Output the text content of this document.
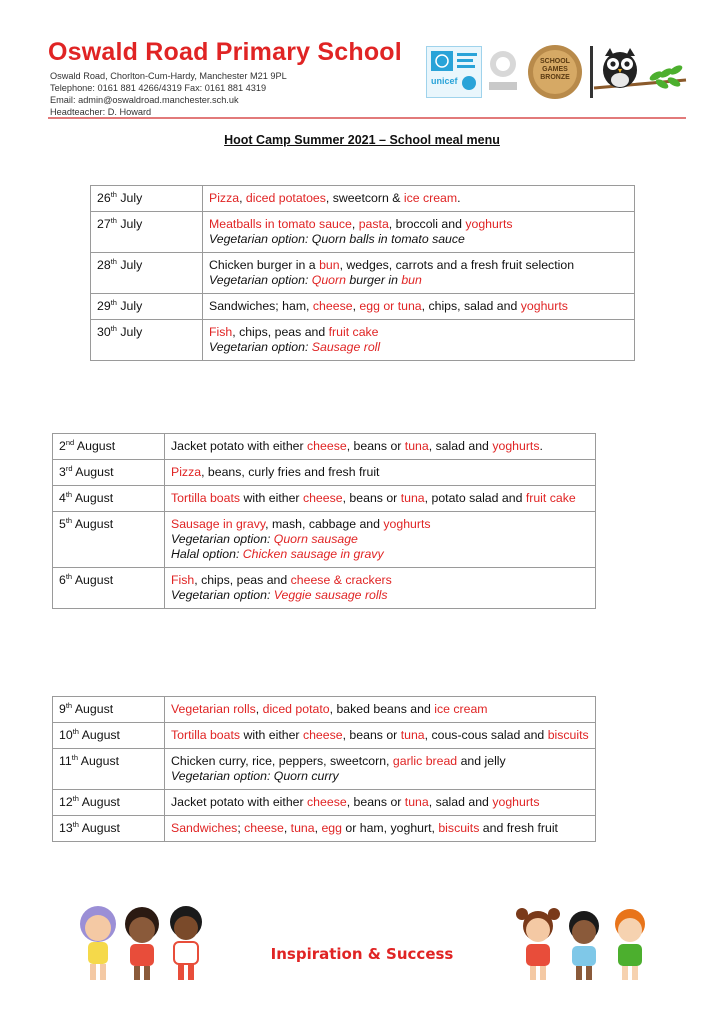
Oswald Road Primary School
Oswald Road, Chorlton-Cum-Hardy, Manchester M21 9PL
Telephone: 0161 881 4266/4319 Fax: 0161 881 4319
Email: admin@oswaldroad.manchester.sch.uk
Headteacher: D. Howard
unicef
SCHOOL
GAMES
BRONZE
Hoot Camp Summer 2021 – School meal menu
26th July	Pizza, diced potatoes, sweetcorn & ice cream.
27th July	Meatballs in tomato sauce, pasta, broccoli and yoghurts
Vegetarian option: Quorn balls in tomato sauce
28th July	Chicken burger in a bun, wedges, carrots and a fresh fruit selection
Vegetarian option: Quorn burger in bun
29th July	Sandwiches; ham, cheese, egg or tuna, chips, salad and yoghurts
30th July	Fish, chips, peas and fruit cake
Vegetarian option: Sausage roll
2nd August	Jacket potato with either cheese, beans or tuna, salad and yoghurts.
3rd August	Pizza, beans, curly fries and fresh fruit
4th August	Tortilla boats with either cheese, beans or tuna, potato salad and fruit cake
5th August	Sausage in gravy, mash, cabbage and yoghurts
Vegetarian option: Quorn sausage
Halal option: Chicken sausage in gravy
6th August	Fish, chips, peas and cheese & crackers
Vegetarian option: Veggie sausage rolls
9th August	Vegetarian rolls, diced potato, baked beans and ice cream
10th August	Tortilla boats with either cheese, beans or tuna, cous-cous salad and biscuits
11th August	Chicken curry, rice, peppers, sweetcorn, garlic bread and jelly
Vegetarian option: Quorn curry
12th August	Jacket potato with either cheese, beans or tuna, salad and yoghurts
13th August	Sandwiches; cheese, tuna, egg or ham, yoghurt, biscuits and fresh fruit
Inspiration & Success
